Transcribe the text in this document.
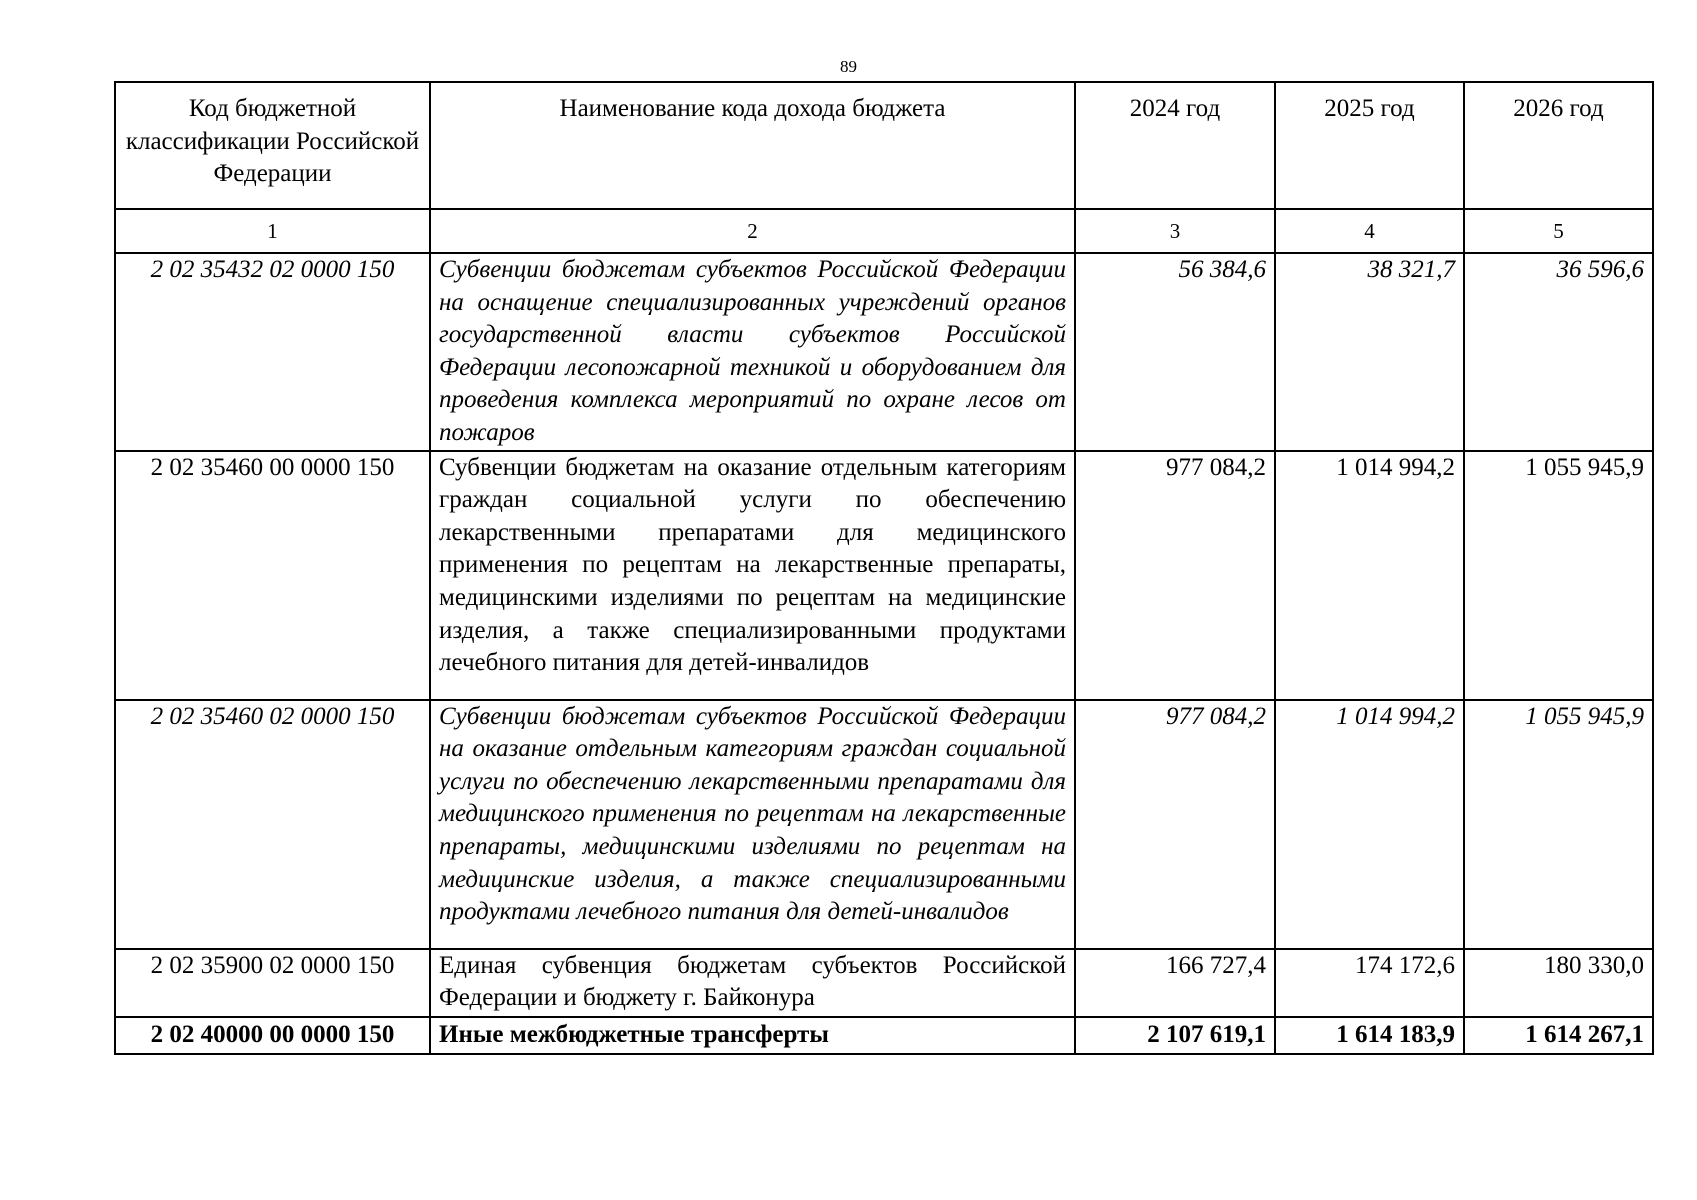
89
Код бюджетной классификации Российской Федерации	Наименование кода дохода бюджета	2024 год	2025 год	2026 год
1	2	3	4	5
2 02 35432 02 0000 150	Субвенции бюджетам субъектов Российской Федерации на оснащение специализированных учреждений органов государственной власти субъектов Российской Федерации лесопожарной техникой и оборудованием для проведения комплекса мероприятий по охране лесов от пожаров	56 384,6	38 321,7	36 596,6
2 02 35460 00 0000 150	Субвенции бюджетам на оказание отдельным категориям граждан социальной услуги по обеспечению лекарственными препаратами для медицинского применения по рецептам на лекарственные препараты, медицинскими изделиями по рецептам на медицинские изделия, а также специализированными продуктами лечебного питания для детей-инвалидов	977 084,2	1 014 994,2	1 055 945,9
2 02 35460 02 0000 150	Субвенции бюджетам субъектов Российской Федерации на оказание отдельным категориям граждан социальной услуги по обеспечению лекарственными препаратами для медицинского применения по рецептам на лекарственные препараты, медицинскими изделиями по рецептам на медицинские изделия, а также специализированными продуктами лечебного питания для детей-инвалидов	977 084,2	1 014 994,2	1 055 945,9
2 02 35900 02 0000 150	Единая субвенция бюджетам субъектов Российской Федерации и бюджету г. Байконура	166 727,4	174 172,6	180 330,0
2 02 40000 00 0000 150	Иные межбюджетные трансферты	2 107 619,1	1 614 183,9	1 614 267,1
